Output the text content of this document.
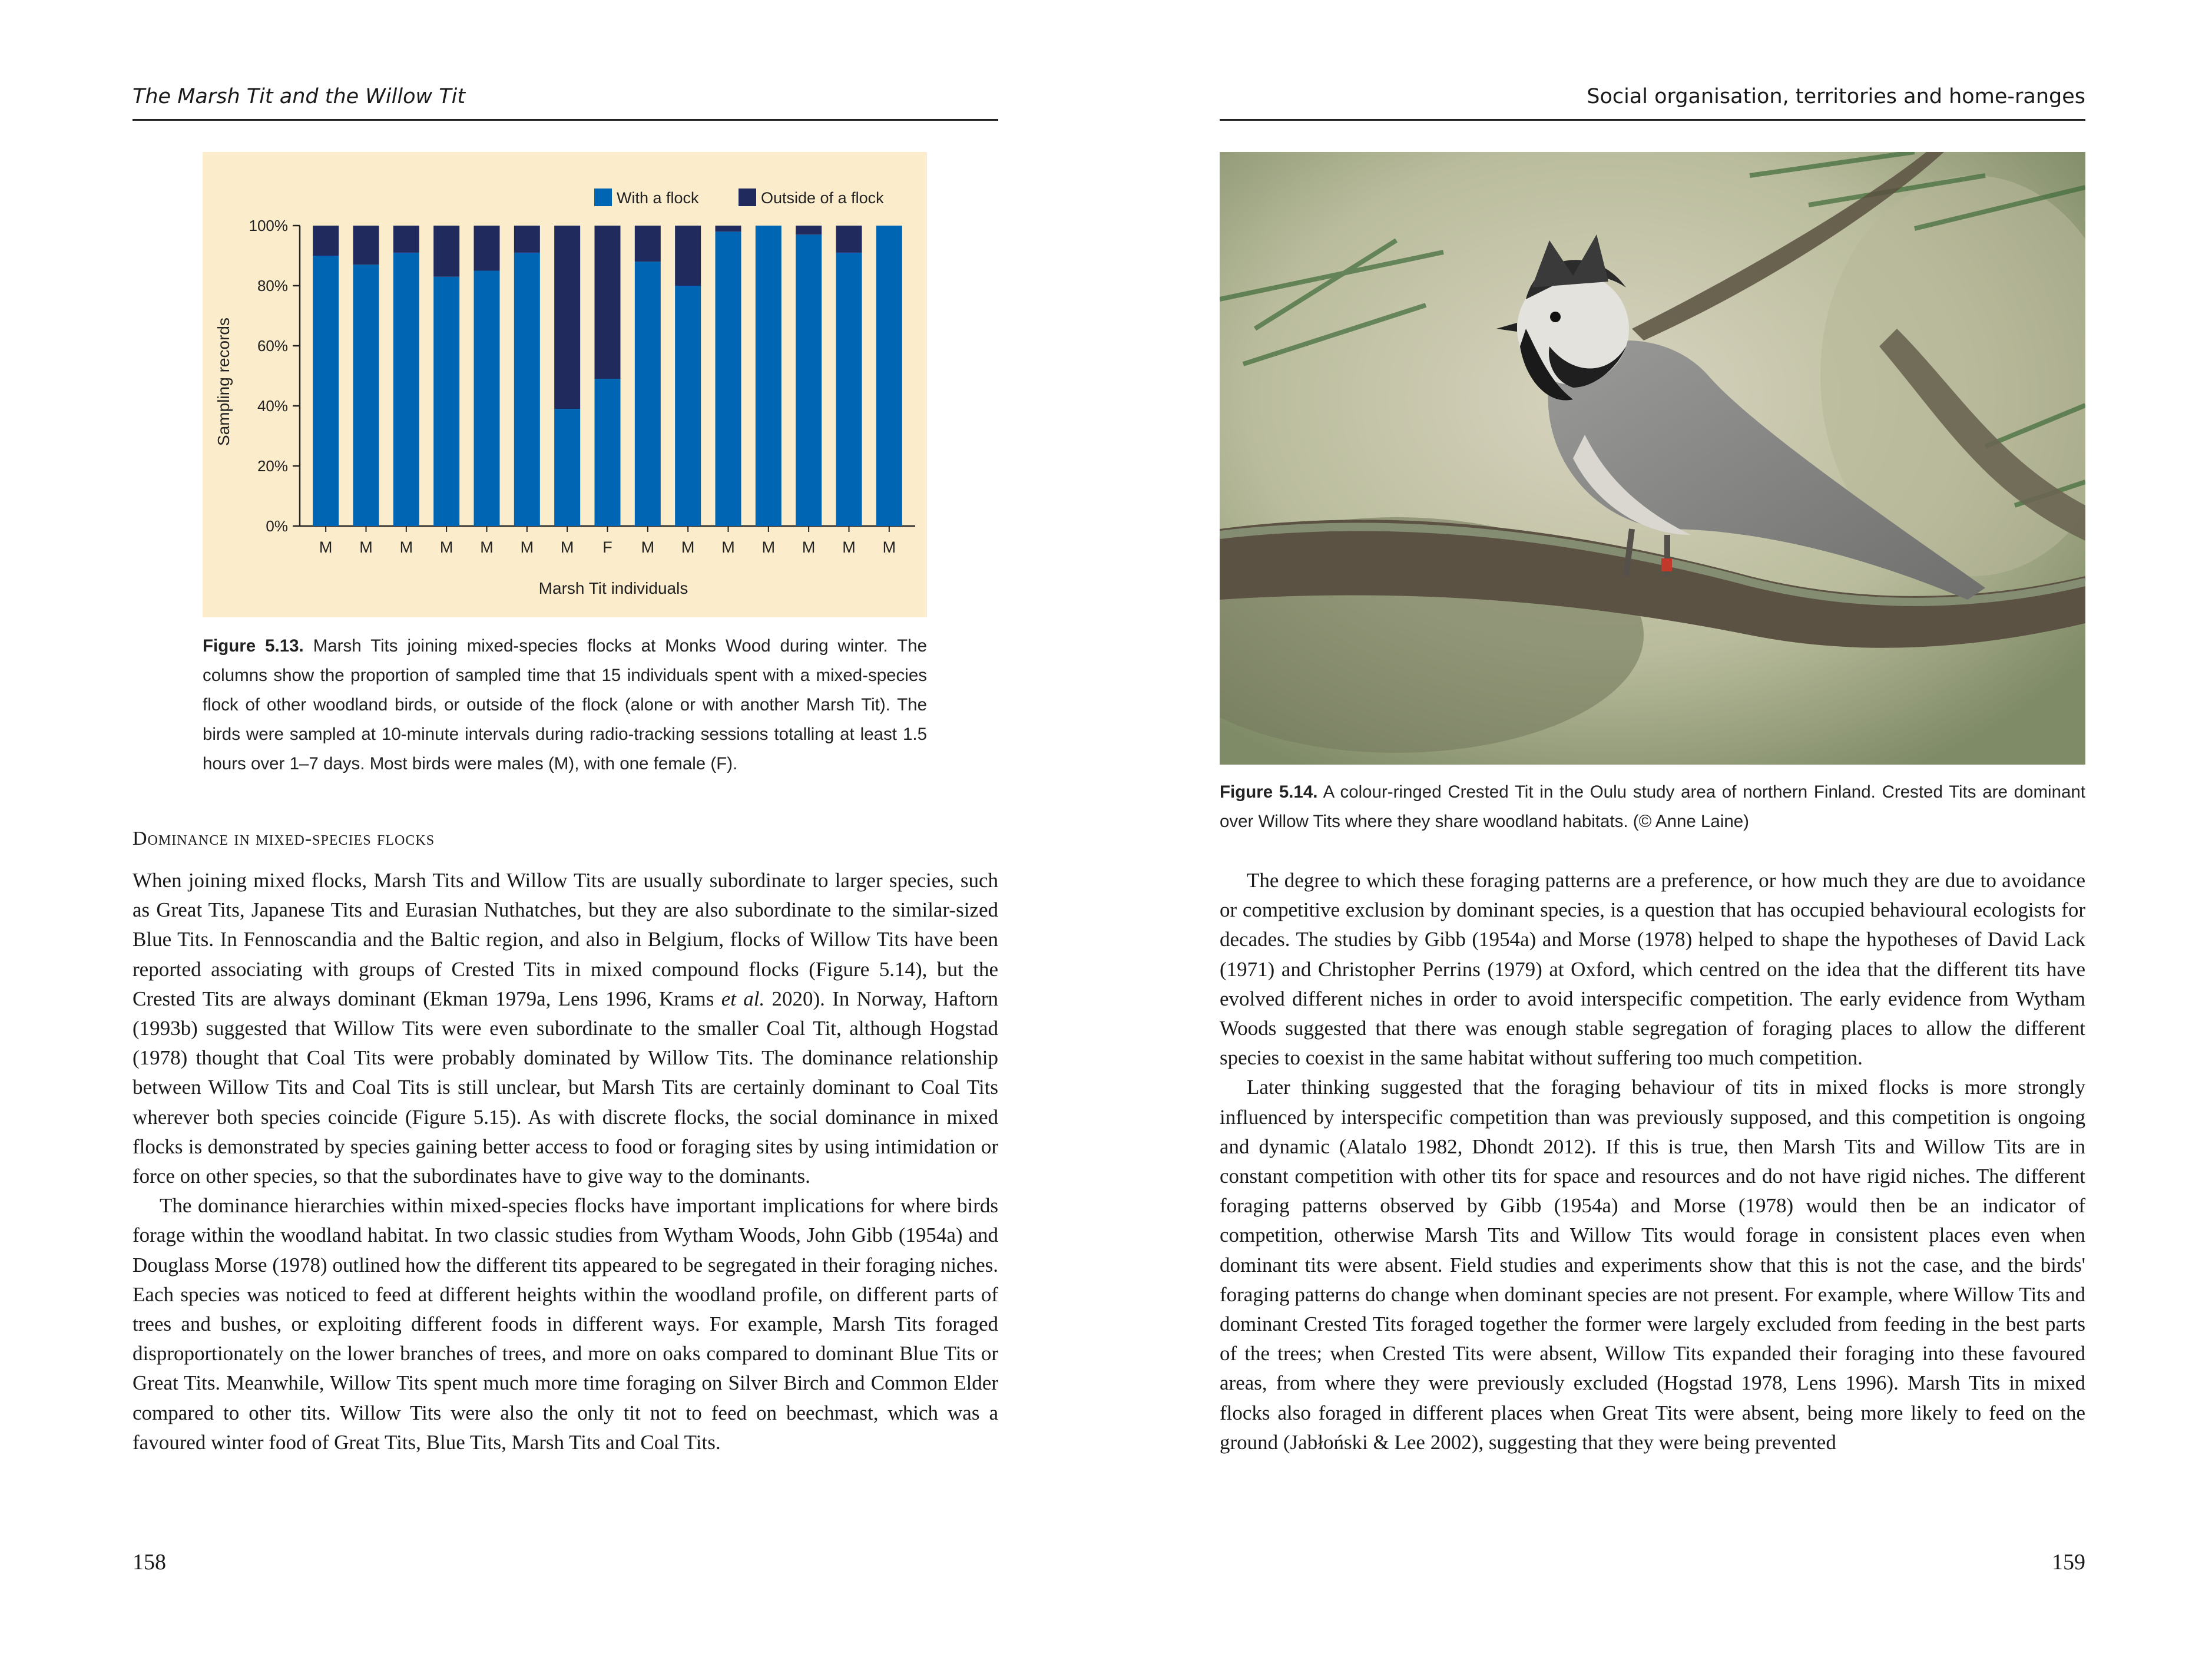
The Marsh Tit and the Willow Tit
0%
20%
40%
60%
80%
100%
M M M M M M M F M M M M M M M
Marsh Tit individuals
Sampling records
With a flock	Outside of a flock
Figure 5.13. Marsh Tits joining mixed-species flocks at Monks Wood during winter. The columns show the proportion of sampled time that 15 individuals spent with a mixed-species flock of other woodland birds, or outside of the flock (alone or with another Marsh Tit). The birds were sampled at 10-minute intervals during radio-tracking sessions totalling at least 1.5 hours over 1–7 days. Most birds were males (M), with one female (F).
Dominance in mixed-species flocks

When joining mixed flocks, Marsh Tits and Willow Tits are usually subordinate to larger species, such as Great Tits, Japanese Tits and Eurasian Nuthatches, but they are also subordinate to the similar-sized Blue Tits. In Fennoscandia and the Baltic region, and also in Belgium, flocks of Willow Tits have been reported associating with groups of Crested Tits in mixed compound flocks (Figure 5.14), but the Crested Tits are always dominant (Ekman 1979a, Lens 1996, Krams et al. 2020). In Norway, Haftorn (1993b) suggested that Willow Tits were even subordinate to the smaller Coal Tit, although Hogstad (1978) thought that Coal Tits were probably dominated by Willow Tits. The dominance relationship between Willow Tits and Coal Tits is still unclear, but Marsh Tits are certainly dominant to Coal Tits wherever both species coincide (Figure 5.15). As with discrete flocks, the social dominance in mixed flocks is demonstrated by species gaining better access to food or foraging sites by using intimidation or force on other species, so that the subordinates have to give way to the dominants.

The dominance hierarchies within mixed-species flocks have important implications for where birds forage within the woodland habitat. In two classic studies from Wytham Woods, John Gibb (1954a) and Douglass Morse (1978) outlined how the different tits appeared to be segregated in their foraging niches. Each species was noticed to feed at different heights within the woodland profile, on different parts of trees and bushes, or exploiting different foods in different ways. For example, Marsh Tits foraged disproportionately on the lower branches of trees, and more on oaks compared to dominant Blue Tits or Great Tits. Meanwhile, Willow Tits spent much more time foraging on Silver Birch and Common Elder compared to other tits. Willow Tits were also the only tit not to feed on beechmast, which was a favoured winter food of Great Tits, Blue Tits, Marsh Tits and Coal Tits.

158
Social organisation, territories and home-ranges
Figure 5.14. A colour-ringed Crested Tit in the Oulu study area of northern Finland. Crested Tits are dominant over Willow Tits where they share woodland habitats. (© Anne Laine)

The degree to which these foraging patterns are a preference, or how much they are due to avoidance or competitive exclusion by dominant species, is a question that has occupied behavioural ecologists for decades. The studies by Gibb (1954a) and Morse (1978) helped to shape the hypotheses of David Lack (1971) and Christopher Perrins (1979) at Oxford, which centred on the idea that the different tits have evolved different niches in order to avoid interspecific competition. The early evidence from Wytham Woods suggested that there was enough stable segregation of foraging places to allow the different species to coexist in the same habitat without suffering too much competition.

Later thinking suggested that the foraging behaviour of tits in mixed flocks is more strongly influenced by interspecific competition than was previously supposed, and this competition is ongoing and dynamic (Alatalo 1982, Dhondt 2012). If this is true, then Marsh Tits and Willow Tits are in constant competition with other tits for space and resources and do not have rigid niches. The different foraging patterns observed by Gibb (1954a) and Morse (1978) would then be an indicator of competition, otherwise Marsh Tits and Willow Tits would forage in consistent places even when dominant tits were absent. Field studies and experiments show that this is not the case, and the birds' foraging patterns do change when dominant species are not present. For example, where Willow Tits and dominant Crested Tits foraged together the former were largely excluded from feeding in the best parts of the trees; when Crested Tits were absent, Willow Tits expanded their foraging into these favoured areas, from where they were previously excluded (Hogstad 1978, Lens 1996). Marsh Tits in mixed flocks also foraged in different places when Great Tits were absent, being more likely to feed on the ground (Jabłoński & Lee 2002), suggesting that they were being prevented

159
